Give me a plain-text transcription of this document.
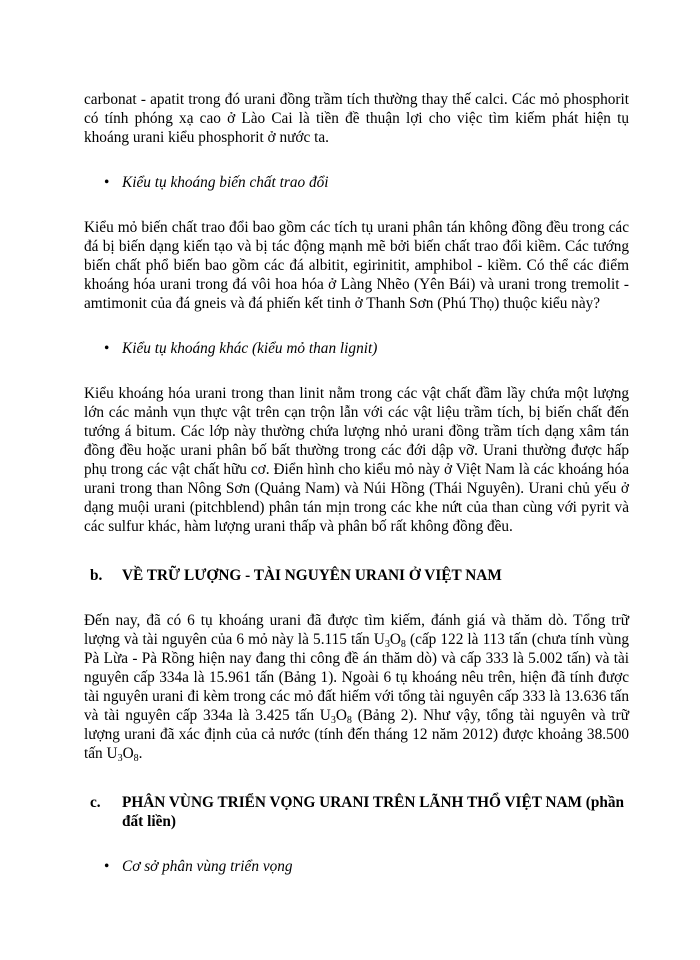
carbonat - apatit trong đó urani đồng trầm tích thường thay thế calci. Các mỏ phosphorit có tính phóng xạ cao ở Lào Cai là tiền đề thuận lợi cho việc tìm kiếm phát hiện tụ khoáng urani kiểu phosphorit ở nước ta.

• Kiểu tụ khoáng biến chất trao đổi

Kiểu mỏ biến chất trao đổi bao gồm các tích tụ urani phân tán không đồng đều trong các đá bị biến dạng kiến tạo và bị tác động mạnh mẽ bởi biến chất trao đổi kiềm. Các tướng biến chất phổ biến bao gồm các đá albitit, egirinitit, amphibol - kiềm. Có thể các điểm khoáng hóa urani trong đá vôi hoa hóa ở Làng Nhẽo (Yên Bái) và urani trong tremolit - amtimonit của đá gneis và đá phiến kết tinh ở Thanh Sơn (Phú Thọ) thuộc kiểu này?

• Kiểu tụ khoáng khác (kiểu mỏ than lignit)

Kiểu khoáng hóa urani trong than linit nằm trong các vật chất đầm lầy chứa một lượng lớn các mảnh vụn thực vật trên cạn trộn lẫn với các vật liệu trầm tích, bị biến chất đến tướng á bitum. Các lớp này thường chứa lượng nhỏ urani đồng trầm tích dạng xâm tán đồng đều hoặc urani phân bố bất thường trong các đới dập vỡ. Urani thường được hấp phụ trong các vật chất hữu cơ. Điển hình cho kiểu mỏ này ở Việt Nam là các khoáng hóa urani trong than Nông Sơn (Quảng Nam) và Núi Hồng (Thái Nguyên). Urani chủ yếu ở dạng muội urani (pitchblend) phân tán mịn trong các khe nứt của than cùng với pyrit và các sulfur khác, hàm lượng urani thấp và phân bố rất không đồng đều.

b. VỀ TRỮ LƯỢNG - TÀI NGUYÊN URANI Ở VIỆT NAM

Đến nay, đã có 6 tụ khoáng urani đã được tìm kiếm, đánh giá và thăm dò. Tổng trữ lượng và tài nguyên của 6 mỏ này là 5.115 tấn $U_3O_8$ (cấp 122 là 113 tấn (chưa tính vùng Pà Lừa - Pà Rồng hiện nay đang thi công đề án thăm dò) và cấp 333 là 5.002 tấn) và tài nguyên cấp 334a là 15.961 tấn (Bảng 1). Ngoài 6 tụ khoáng nêu trên, hiện đã tính được tài nguyên urani đi kèm trong các mỏ đất hiếm với tổng tài nguyên cấp 333 là 13.636 tấn và tài nguyên cấp 334a là 3.425 tấn $U_3O_8$ (Bảng 2). Như vậy, tổng tài nguyên và trữ lượng urani đã xác định của cả nước (tính đến tháng 12 năm 2012) được khoảng 38.500 tấn $U_3O_8$.

c. PHÂN VÙNG TRIỂN VỌNG URANI TRÊN LÃNH THỔ VIỆT NAM (phần đất liền)
• Cơ sở phân vùng triển vọng
